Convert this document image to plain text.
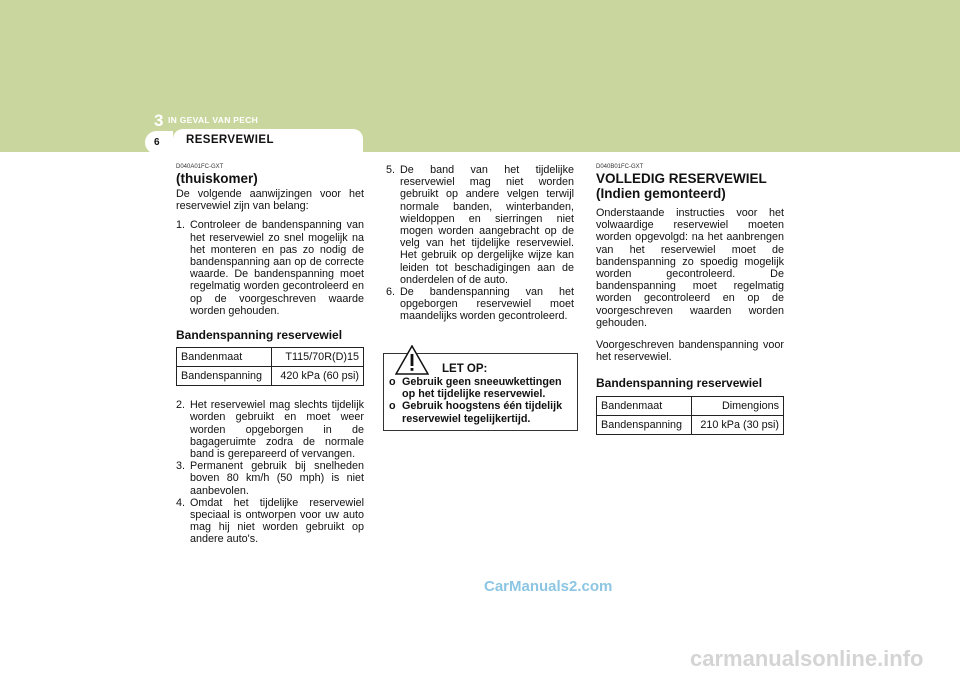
3 IN GEVAL VAN PECH
6 RESERVEWIEL
D040A01FC-GXT
(thuiskomer)
De volgende aanwijzingen voor het reservewiel zijn van belang:
1. Controleer de bandenspanning van het reservewiel zo snel mogelijk na het monteren en pas zo nodig de bandenspanning aan op de correcte waarde. De bandenspanning moet regelmatig worden gecontroleerd en op de voorgeschreven waarde worden gehouden.
Bandenspanning reservewiel
Bandenmaat	T115/70R(D)15
Bandenspanning	420 kPa (60 psi)
2. Het reservewiel mag slechts tijdelijk worden gebruikt en moet weer worden opgeborgen in de bagageruimte zodra de normale band is gerepareerd of vervangen.
3. Permanent gebruik bij snelheden boven 80 km/h (50 mph) is niet aanbevolen.
4. Omdat het tijdelijke reservewiel speciaal is ontworpen voor uw auto mag hij niet worden gebruikt op andere auto's.
5. De band van het tijdelijke reservewiel mag niet worden gebruikt op andere velgen terwijl normale banden, winterbanden, wieldoppen en sierringen niet mogen worden aangebracht op de velg van het tijdelijke reservewiel. Het gebruik op dergelijke wijze kan leiden tot beschadigingen aan de onderdelen of de auto.
6. De bandenspanning van het opgeborgen reservewiel moet maandelijks worden gecontroleerd.
LET OP:
o Gebruik geen sneeuwkettingen op het tijdelijke reservewiel.
o Gebruik hoogstens één tijdelijk reservewiel tegelijkertijd.
D040B01FC-GXT
VOLLEDIG RESERVEWIEL (Indien gemonteerd)
Onderstaande instructies voor het volwaardige reservewiel moeten worden opgevolgd: na het aanbrengen van het reservewiel moet de bandenspanning zo spoedig mogelijk worden gecontroleerd. De bandenspanning moet regelmatig worden gecontroleerd en op de voorgeschreven waarden worden gehouden.
Voorgeschreven bandenspanning voor het reservewiel.
Bandenspanning reservewiel
Bandenmaat	Dimengions
Bandenspanning	210 kPa (30 psi)
CarManuals2.com
carmanualsonline.info
